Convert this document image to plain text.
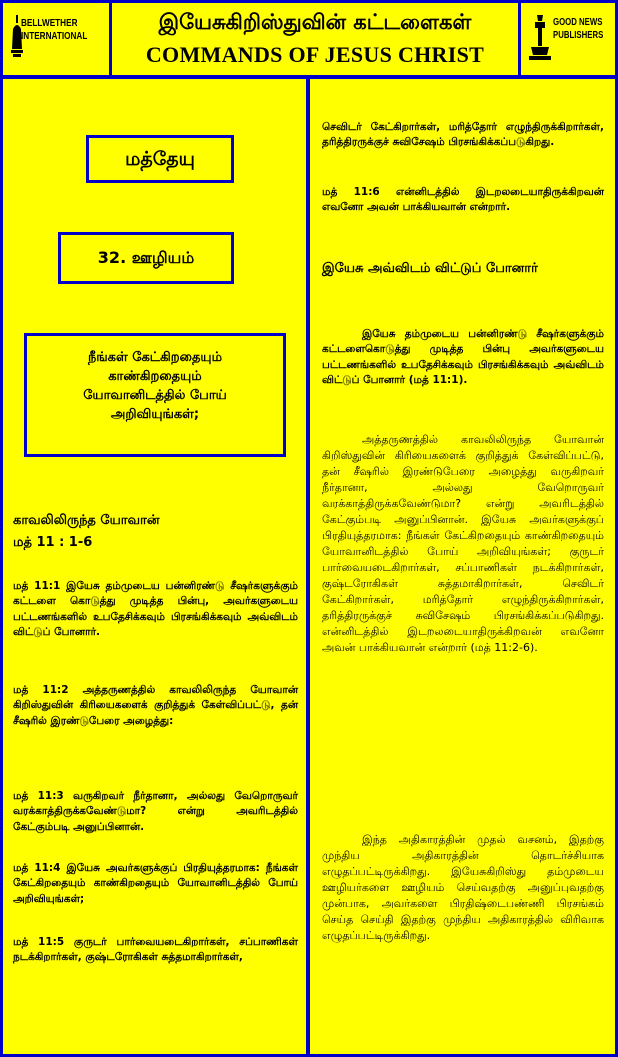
BELLWETHER
INTERNATIONAL
இயேசுகிறிஸ்துவின் கட்டளைகள்
COMMANDS OF JESUS CHRIST
GOOD NEWS
PUBLISHERS
மத்தேயு
32. ஊழியம்
நீங்கள் கேட்கிறதையும்
காண்கிறதையும்
யோவானிடத்தில் போய்
அறிவியுங்கள்;
காவலிலிருந்த யோவான்
மத் 11 : 1-6
மத் 11:1 இயேசு தம்முடைய பன்னிரண்டு சீஷர்களுக்கும் கட்டளை கொடுத்து முடித்த பின்பு, அவர்களுடைய பட்டணங்களில் உபதேசிக்கவும் பிரசங்கிக்கவும் அவ்விடம் விட்டுப் போனார்.
மத் 11:2 அத்தருணத்தில் காவலிலிருந்த யோவான் கிறிஸ்துவின் கிரியைகளைக் குறித்துக் கேள்விப்பட்டு, தன் சீஷரில் இரண்டுபேரை அழைத்து:
மத் 11:3 வருகிறவர் நீர்தானா, அல்லது வேறொருவர் வரக்காத்திருக்கவேண்டுமா? என்று அவரிடத்தில் கேட்கும்படி அனுப்பினான்.
மத் 11:4 இயேசு அவர்களுக்குப் பிரதியுத்தரமாக: நீங்கள் கேட்கிறதையும் காண்கிறதையும் யோவானிடத்தில் போய் அறிவியுங்கள்;
மத் 11:5 குருடர் பார்வையடைகிறார்கள், சப்பாணிகள் நடக்கிறார்கள், குஷ்டரோகிகள் சுத்தமாகிறார்கள்,
செவிடர் கேட்கிறார்கள், மரித்தோர் எழுந்திருக்கிறார்கள், தரித்திரருக்குச் சுவிசேஷம் பிரசங்கிக்கப்படுகிறது.
மத் 11:6 என்னிடத்தில் இடறலடையாதிருக்கிறவன் எவனோ அவன் பாக்கியவான் என்றார்.
இயேசு அவ்விடம் விட்டுப் போனார்
இயேசு தம்முடைய பன்னிரண்டு சீஷர்களுக்கும் கட்டளைகொடுத்து முடித்த பின்பு அவர்களுடைய பட்டணங்களில் உபதேசிக்கவும் பிரசங்கிக்கவும் அவ்விடம் விட்டுப் போனார் (மத் 11:1).
அத்தருணத்தில் காவலிலிருந்த யோவான் கிறிஸ்துவின் கிரியைகளைக் குறித்துக் கேள்விப்பட்டு, தன் சீஷரில் இரண்டுபேரை அழைத்து வருகிறவர் நீர்தானா, அல்லது வேறொருவர் வரக்காத்திருக்கவேண்டுமா? என்று அவரிடத்தில் கேட்கும்படி அனுப்பினான். இயேசு அவர்களுக்குப் பிரதியுத்தரமாக: நீங்கள் கேட்கிறதையும் காண்கிறதையும் யோவானிடத்தில் போய் அறிவியுங்கள்; குருடர் பார்வையடைகிறார்கள், சப்பாணிகள் நடக்கிறார்கள், குஷ்டரோகிகள் சுத்தமாகிறார்கள், செவிடர் கேட்கிறார்கள், மரித்தோர் எழுந்திருக்கிறார்கள், தரித்திரருக்குச் சுவிசேஷம் பிரசங்கிக்கப்படுகிறது. என்னிடத்தில் இடறலடையாதிருக்கிறவன் எவனோ அவன் பாக்கியவான் என்றார் (மத் 11:2-6).
இந்த அதிகாரத்தின் முதல் வசனம், இதற்கு முந்திய அதிகாரத்தின் தொடர்ச்சியாக எழுதப்பட்டிருக்கிறது. இயேசுகிறிஸ்து தம்முடைய ஊழியர்களை ஊழியம் செய்வதற்கு அனுப்புவதற்கு முன்பாக, அவர்களை பிரதிஷ்டைபண்ணி பிரசங்கம் செய்த செய்தி இதற்கு முந்திய அதிகாரத்தில் விரிவாக எழுதப்பட்டிருக்கிறது.
